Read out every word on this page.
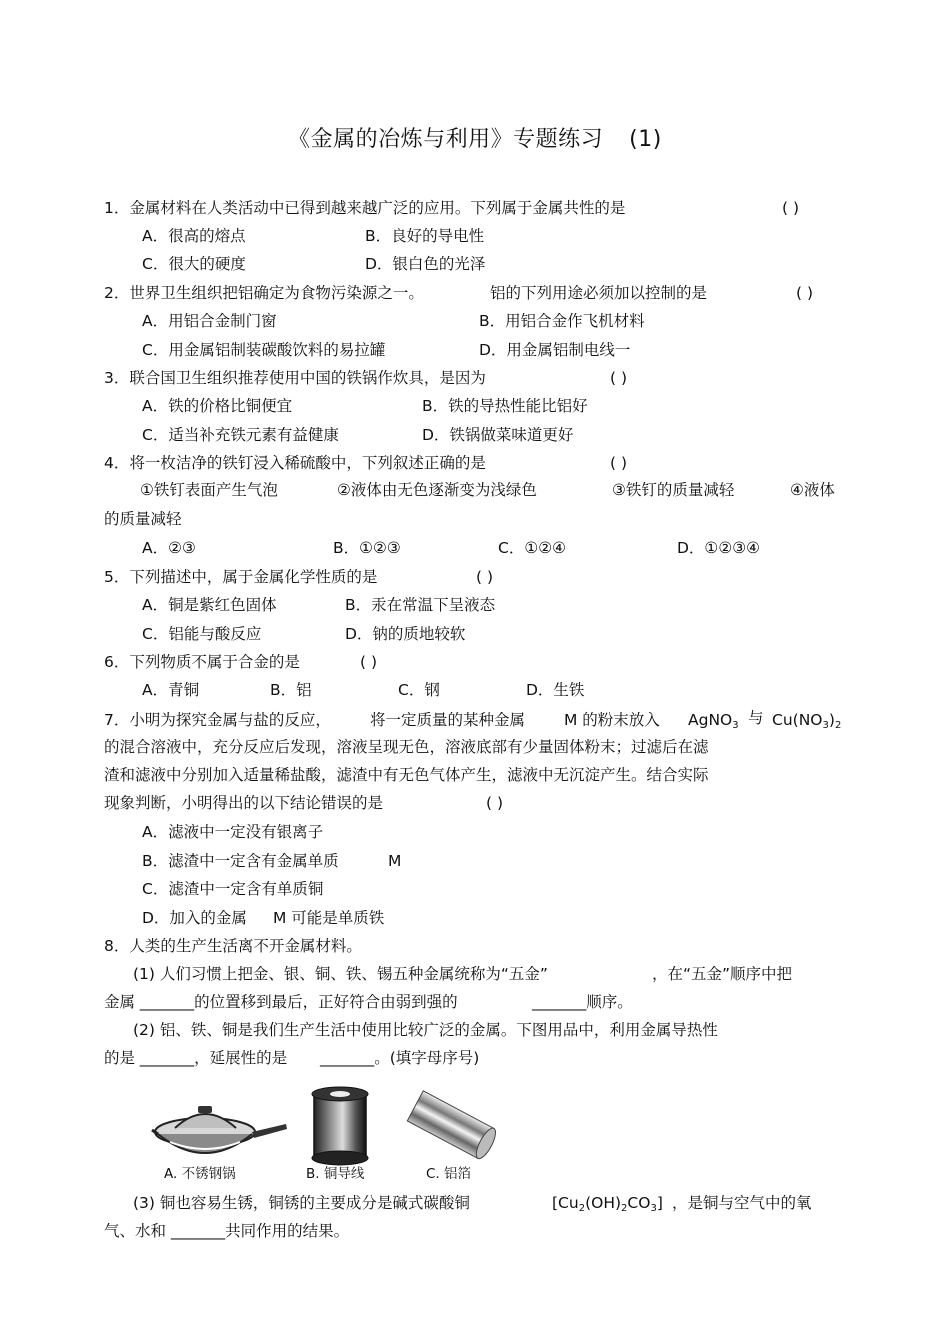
《金属的冶炼与利用》专题练习 (1)
1．金属材料在人类活动中已得到越来越广泛的应用。下列属于金属共性的是	( )
A．很高的熔点	B．良好的导电性
C．很大的硬度	D．银白色的光泽
2．世界卫生组织把铝确定为食物污染源之一。	铝的下列用途必须加以控制的是	( )
A．用铝合金制门窗	B．用铝合金作飞机材料
C．用金属铝制装碳酸饮料的易拉罐	D．用金属铝制电线一
3．联合国卫生组织推荐使用中国的铁锅作炊具，是因为	( )
A．铁的价格比铜便宜	B．铁的导热性能比铝好
C．适当补充铁元素有益健康	D．铁锅做菜味道更好
4．将一枚洁净的铁钉浸入稀硫酸中，下列叙述正确的是	( )
①铁钉表面产生气泡	②液体由无色逐渐变为浅绿色	③铁钉的质量减轻	④液体
的质量减轻
A．②③	B．①②③	C．①②④	D．①②③④
5．下列描述中，属于金属化学性质的是	( )
A．铜是紫红色固体	B．汞在常温下呈液态
C．铝能与酸反应	D．钠的质地较软
6．下列物质不属于合金的是	( )
A．青铜	B．铝	C．钢	D．生铁
7．小明为探究金属与盐的反应，	将一定质量的某种金属	M 的粉末放入 AgNO$_3$ 与 $Cu(NO_3)_2$
的混合溶液中，充分反应后发现，溶液呈现无色，溶液底部有少量固体粉末；过滤后在滤
渣和滤液中分别加入适量稀盐酸，滤渣中有无色气体产生，滤液中无沉淀产生。结合实际
现象判断，小明得出的以下结论错误的是	( )
A．滤液中一定没有银离子
B．滤渣中一定含有金属单质	M
C．滤渣中一定含有单质铜
D．加入的金属 M 可能是单质铁
8．人类的生产生活离不开金属材料。
(1) 人们习惯上把金、银、铜、铁、锡五种金属统称为“五金”	，在“五金”顺序中把
金属 _______的位置移到最后，正好符合由弱到强的	_______顺序。
(2) 铝、铁、铜是我们生产生活中使用比较广泛的金属。下图用品中，利用金属导热性
的是 _______，延展性的是 _______。(填字母序号)
A. 不锈钢锅	B. 铜导线	C. 铝箔
(3) 铜也容易生锈，铜锈的主要成分是碱式碳酸铜	$[Cu_2(OH)_2CO_3]$ ，是铜与空气中的氧
气、水和 _______共同作用的结果。
